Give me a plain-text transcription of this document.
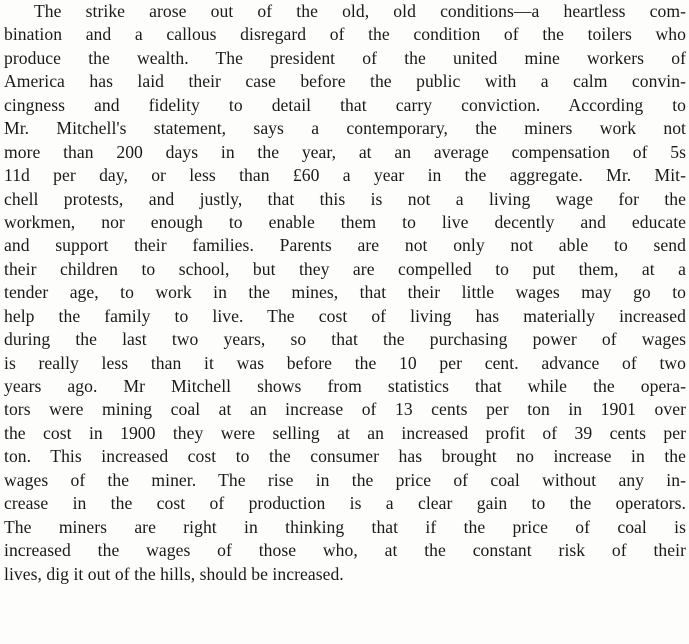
The strike arose out of the old, old conditions—a heartless com-
bination and a callous disregard of the condition of the toilers who
produce the wealth. The president of the united mine workers of
America has laid their case before the public with a calm convin-
cingness and fidelity to detail that carry conviction. According to
Mr. Mitchell's statement, says a contemporary, the miners work not
more than 200 days in the year, at an average compensation of 5s
11d per day, or less than £60 a year in the aggregate. Mr. Mit-
chell protests, and justly, that this is not a living wage for the
workmen, nor enough to enable them to live decently and educate
and support their families. Parents are not only not able to send
their children to school, but they are compelled to put them, at a
tender age, to work in the mines, that their little wages may go to
help the family to live. The cost of living has materially increased
during the last two years, so that the purchasing power of wages
is really less than it was before the 10 per cent. advance of two
years ago. Mr Mitchell shows from statistics that while the opera-
tors were mining coal at an increase of 13 cents per ton in 1901 over
the cost in 1900 they were selling at an increased profit of 39 cents per
ton. This increased cost to the consumer has brought no increase in the
wages of the miner. The rise in the price of coal without any in-
crease in the cost of production is a clear gain to the operators.
The miners are right in thinking that if the price of coal is
increased the wages of those who, at the constant risk of their
lives, dig it out of the hills, should be increased.
